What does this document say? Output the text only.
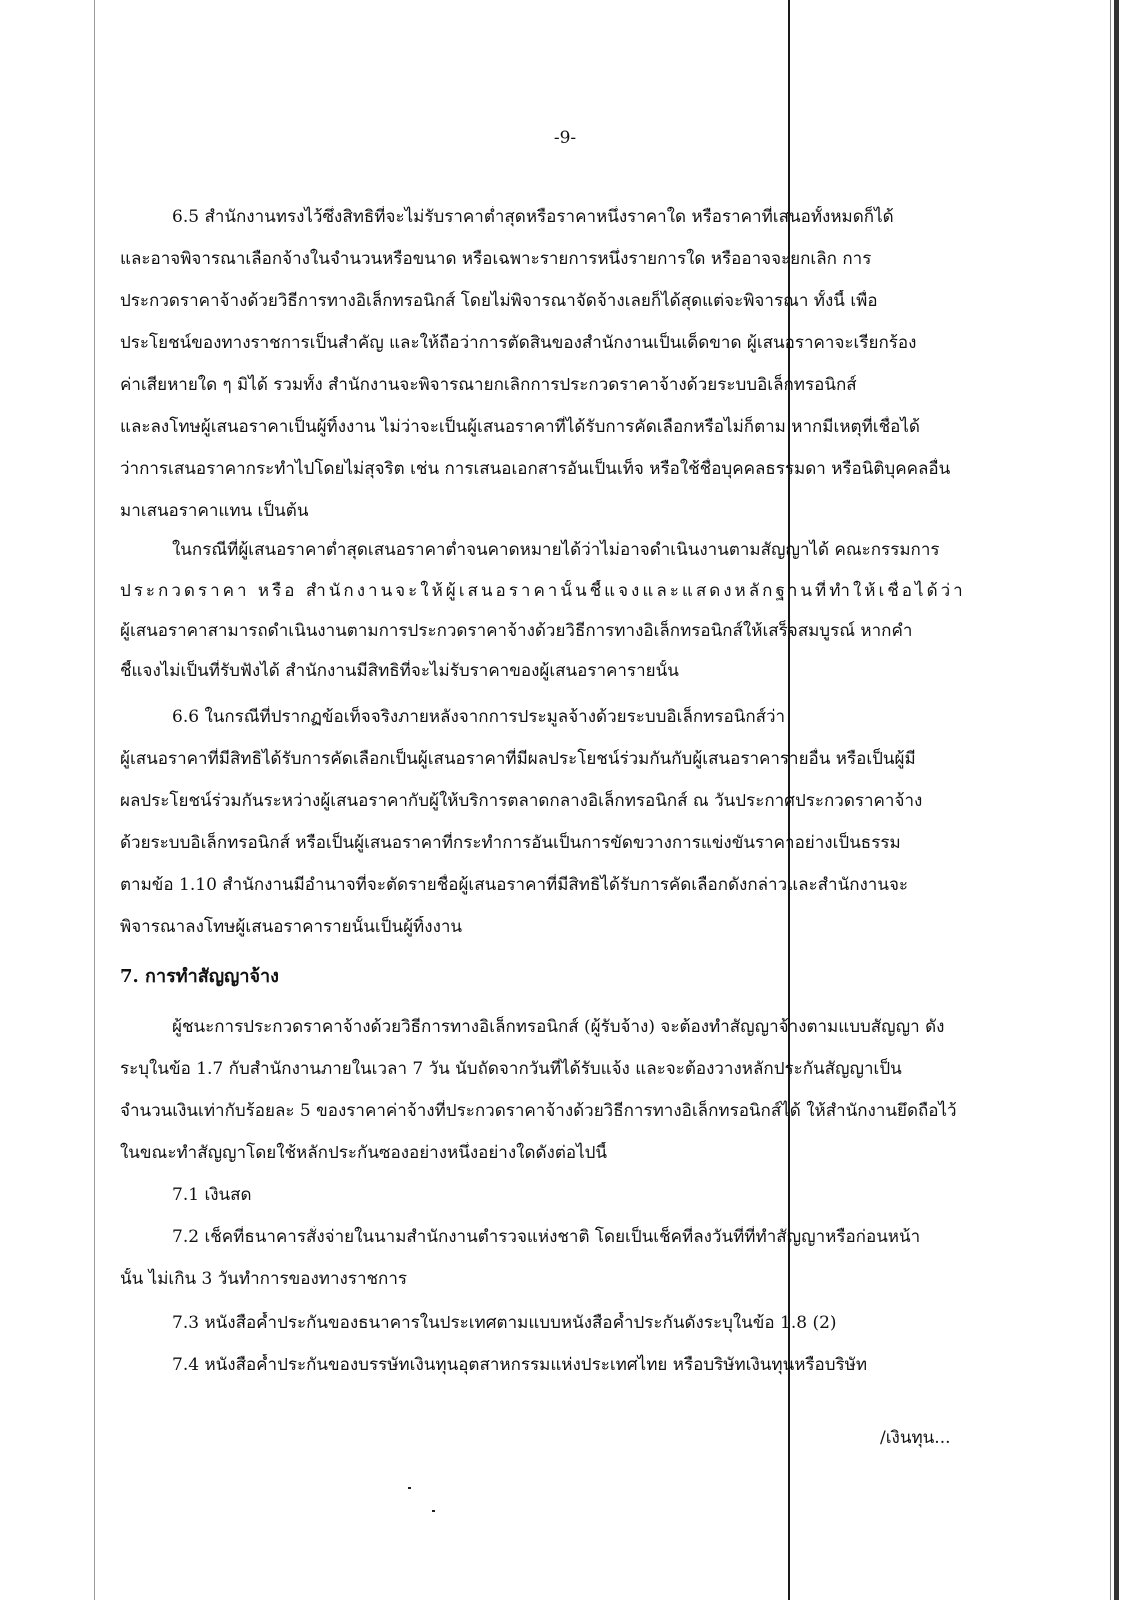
-9-
6.5 สำนักงานทรงไว้ซึ่งสิทธิที่จะไม่รับราคาต่ำสุดหรือราคาหนึ่งราคาใด หรือราคาที่เสนอทั้งหมดก็ได้
และอาจพิจารณาเลือกจ้างในจำนวนหรือขนาด หรือเฉพาะรายการหนึ่งรายการใด หรืออาจจะยกเลิก การ
ประกวดราคาจ้างด้วยวิธีการทางอิเล็กทรอนิกส์ โดยไม่พิจารณาจัดจ้างเลยก็ได้สุดแต่จะพิจารณา ทั้งนี้ เพื่อ
ประโยชน์ของทางราชการเป็นสำคัญ และให้ถือว่าการตัดสินของสำนักงานเป็นเด็ดขาด ผู้เสนอราคาจะเรียกร้อง
ค่าเสียหายใด ๆ มิได้ รวมทั้ง สำนักงานจะพิจารณายกเลิกการประกวดราคาจ้างด้วยระบบอิเล็กทรอนิกส์
และลงโทษผู้เสนอราคาเป็นผู้ทิ้งงาน ไม่ว่าจะเป็นผู้เสนอราคาที่ได้รับการคัดเลือกหรือไม่ก็ตาม หากมีเหตุที่เชื่อได้
ว่าการเสนอราคากระทำไปโดยไม่สุจริต เช่น การเสนอเอกสารอันเป็นเท็จ หรือใช้ชื่อบุคคลธรรมดา หรือนิติบุคคลอื่น
มาเสนอราคาแทน เป็นต้น
ในกรณีที่ผู้เสนอราคาต่ำสุดเสนอราคาต่ำจนคาดหมายได้ว่าไม่อาจดำเนินงานตามสัญญาได้ คณะกรรมการ
ประกวดราคา หรือ สำนักงานจะให้ผู้เสนอราคานั้นชี้แจงและแสดงหลักฐานที่ทำให้เชื่อได้ว่า
ผู้เสนอราคาสามารถดำเนินงานตามการประกวดราคาจ้างด้วยวิธีการทางอิเล็กทรอนิกส์ให้เสร็จสมบูรณ์ หากคำ
ชี้แจงไม่เป็นที่รับฟังได้ สำนักงานมีสิทธิที่จะไม่รับราคาของผู้เสนอราคารายนั้น
6.6 ในกรณีที่ปรากฏข้อเท็จจริงภายหลังจากการประมูลจ้างด้วยระบบอิเล็กทรอนิกส์ว่า
ผู้เสนอราคาที่มีสิทธิได้รับการคัดเลือกเป็นผู้เสนอราคาที่มีผลประโยชน์ร่วมกันกับผู้เสนอราคารายอื่น หรือเป็นผู้มี
ผลประโยชน์ร่วมกันระหว่างผู้เสนอราคากับผู้ให้บริการตลาดกลางอิเล็กทรอนิกส์ ณ วันประกาศประกวดราคาจ้าง
ด้วยระบบอิเล็กทรอนิกส์ หรือเป็นผู้เสนอราคาที่กระทำการอันเป็นการขัดขวางการแข่งขันราคาอย่างเป็นธรรม
ตามข้อ 1.10 สำนักงานมีอำนาจที่จะตัดรายชื่อผู้เสนอราคาที่มีสิทธิได้รับการคัดเลือกดังกล่าวและสำนักงานจะ
พิจารณาลงโทษผู้เสนอราคารายนั้นเป็นผู้ทิ้งงาน
7. การทำสัญญาจ้าง
ผู้ชนะการประกวดราคาจ้างด้วยวิธีการทางอิเล็กทรอนิกส์ (ผู้รับจ้าง) จะต้องทำสัญญาจ้างตามแบบสัญญา ดัง
ระบุในข้อ 1.7 กับสำนักงานภายในเวลา 7 วัน นับถัดจากวันที่ได้รับแจ้ง และจะต้องวางหลักประกันสัญญาเป็น
จำนวนเงินเท่ากับร้อยละ 5 ของราคาค่าจ้างที่ประกวดราคาจ้างด้วยวิธีการทางอิเล็กทรอนิกส์ได้ ให้สำนักงานยึดถือไว้
ในขณะทำสัญญาโดยใช้หลักประกันซองอย่างหนึ่งอย่างใดดังต่อไปนี้
7.1 เงินสด
7.2 เช็คที่ธนาคารสั่งจ่ายในนามสำนักงานตำรวจแห่งชาติ โดยเป็นเช็คที่ลงวันที่ที่ทำสัญญาหรือก่อนหน้า
นั้น ไม่เกิน 3 วันทำการของทางราชการ
7.3 หนังสือค้ำประกันของธนาคารในประเทศตามแบบหนังสือค้ำประกันดังระบุในข้อ 1.8 (2)
7.4 หนังสือค้ำประกันของบรรษัทเงินทุนอุตสาหกรรมแห่งประเทศไทย หรือบริษัทเงินทุนหรือบริษัท
/เงินทุน...
